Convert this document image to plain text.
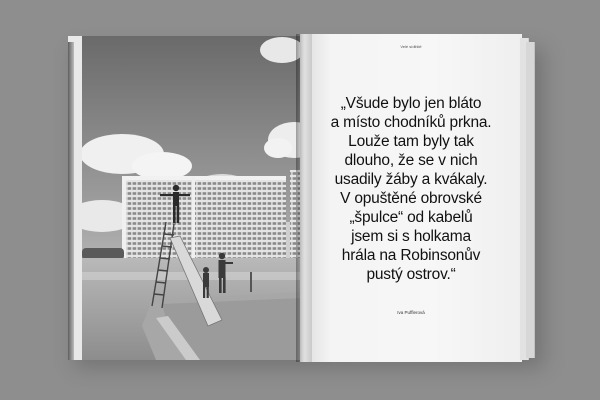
Velé sídliště
„Všude bylo jen bláto
a místo chodníků prkna.
Louže tam byly tak
dlouho, že se v nich
usadily žáby a kvákaly.
V opuštěné obrovské
„špulce“ od kabelů
jsem si s holkama
hrála na Robinsonův
pustý ostrov.“
Iva Pufflerová
